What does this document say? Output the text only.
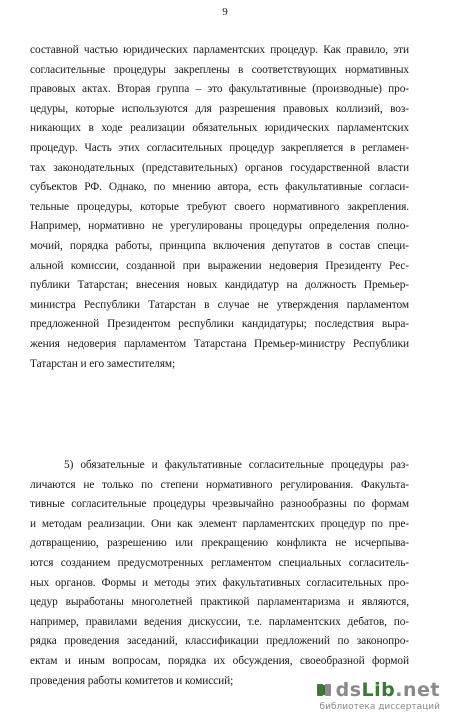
9
составной частью юридических парламентских процедур. Как правило, эти
согласительные процедуры закреплены в соответствующих нормативных
правовых актах. Вторая группа – это факультативные (производные) про-
цедуры, которые используются для разрешения правовых коллизий, воз-
никающих в ходе реализации обязательных юридических парламентских
процедур. Часть этих согласительных процедур закрепляется в регламен-
тах законодательных (представительных) органов государственной власти
субъектов РФ. Однако, по мнению автора, есть факультативные согласи-
тельные процедуры, которые требуют своего нормативного закрепления.
Например, нормативно не урегулированы процедуры определения полно-
мочий, порядка работы, принципа включения депутатов в состав специ-
альной комиссии, созданной при выражении недоверия Президенту Рес-
публики Татарстан; внесения новых кандидатур на должность Премьер-
министра Республики Татарстан в случае не утверждения парламентом
предложенной Президентом республики кандидатуры; последствия выра-
жения недоверия парламентом Татарстана Премьер-министру Республики
Татарстан и его заместителям;
5) обязательные и факультативные согласительные процедуры раз-
личаются не только по степени нормативного регулирования. Факульта-
тивные согласительные процедуры чрезвычайно разнообразны по формам
и методам реализации. Они как элемент парламентских процедур по пре-
дотвращению, разрешению или прекращению конфликта не исчерпыва-
ются созданием предусмотренных регламентом специальных согласитель-
ных органов. Формы и методы этих факультативных согласительных про-
цедур выработаны многолетней практикой парламентаризма и являются,
например, правилами ведения дискуссии, т.е. парламентских дебатов, по-
рядка проведения заседаний, классификации предложений по законопро-
ектам и иным вопросам, порядка их обсуждения, своеобразной формой
проведения работы комитетов и комиссий;	dsLib.net
библиотека диссертаций
